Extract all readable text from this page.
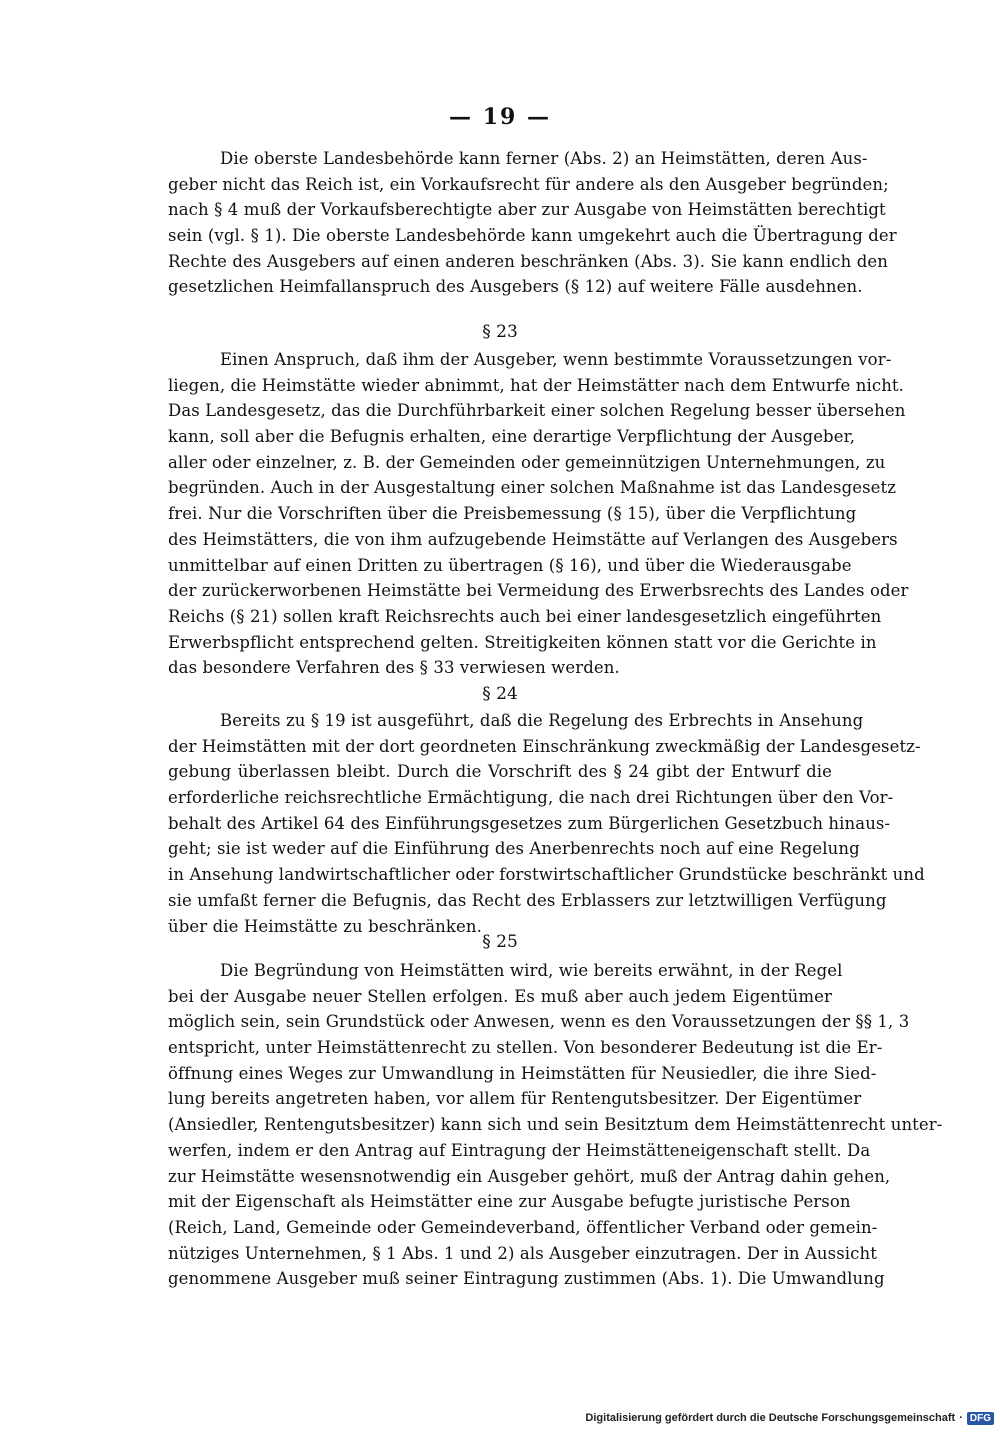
— 19 —
Die oberste Landesbehörde kann ferner (Abs. 2) an Heimstätten, deren Aus-
geber nicht das Reich ist, ein Vorkaufsrecht für andere als den Ausgeber begründen;
nach § 4 muß der Vorkaufsberechtigte aber zur Ausgabe von Heimstätten berechtigt
sein (vgl. § 1). Die oberste Landesbehörde kann umgekehrt auch die Übertragung der
Rechte des Ausgebers auf einen anderen beschränken (Abs. 3). Sie kann endlich den
gesetzlichen Heimfallanspruch des Ausgebers (§ 12) auf weitere Fälle ausdehnen.
§ 23
Einen Anspruch, daß ihm der Ausgeber, wenn bestimmte Voraussetzungen vor-
liegen, die Heimstätte wieder abnimmt, hat der Heimstätter nach dem Entwurfe nicht.
Das Landesgesetz, das die Durchführbarkeit einer solchen Regelung besser übersehen
kann, soll aber die Befugnis erhalten, eine derartige Verpflichtung der Ausgeber,
aller oder einzelner, z. B. der Gemeinden oder gemeinnützigen Unternehmungen, zu
begründen. Auch in der Ausgestaltung einer solchen Maßnahme ist das Landesgesetz
frei. Nur die Vorschriften über die Preisbemessung (§ 15), über die Verpflichtung
des Heimstätters, die von ihm aufzugebende Heimstätte auf Verlangen des Ausgebers
unmittelbar auf einen Dritten zu übertragen (§ 16), und über die Wiederausgabe
der zurückerworbenen Heimstätte bei Vermeidung des Erwerbsrechts des Landes oder
Reichs (§ 21) sollen kraft Reichsrechts auch bei einer landesgesetzlich eingeführten
Erwerbspflicht entsprechend gelten. Streitigkeiten können statt vor die Gerichte in
das besondere Verfahren des § 33 verwiesen werden.
§ 24
Bereits zu § 19 ist ausgeführt, daß die Regelung des Erbrechts in Ansehung
der Heimstätten mit der dort geordneten Einschränkung zweckmäßig der Landesgesetz-
gebung überlassen bleibt. Durch die Vorschrift des § 24 gibt der Entwurf die
erforderliche reichsrechtliche Ermächtigung, die nach drei Richtungen über den Vor-
behalt des Artikel 64 des Einführungsgesetzes zum Bürgerlichen Gesetzbuch hinaus-
geht; sie ist weder auf die Einführung des Anerbenrechts noch auf eine Regelung
in Ansehung landwirtschaftlicher oder forstwirtschaftlicher Grundstücke beschränkt und
sie umfaßt ferner die Befugnis, das Recht des Erblassers zur letztwilligen Verfügung
über die Heimstätte zu beschränken.
§ 25
Die Begründung von Heimstätten wird, wie bereits erwähnt, in der Regel
bei der Ausgabe neuer Stellen erfolgen. Es muß aber auch jedem Eigentümer
möglich sein, sein Grundstück oder Anwesen, wenn es den Voraussetzungen der §§ 1, 3
entspricht, unter Heimstättenrecht zu stellen. Von besonderer Bedeutung ist die Er-
öffnung eines Weges zur Umwandlung in Heimstätten für Neusiedler, die ihre Sied-
lung bereits angetreten haben, vor allem für Rentengutsbesitzer. Der Eigentümer
(Ansiedler, Rentengutsbesitzer) kann sich und sein Besitztum dem Heimstättenrecht unter-
werfen, indem er den Antrag auf Eintragung der Heimstätteneigenschaft stellt. Da
zur Heimstätte wesensnotwendig ein Ausgeber gehört, muß der Antrag dahin gehen,
mit der Eigenschaft als Heimstätter eine zur Ausgabe befugte juristische Person
(Reich, Land, Gemeinde oder Gemeindeverband, öffentlicher Verband oder gemein-
nütziges Unternehmen, § 1 Abs. 1 und 2) als Ausgeber einzutragen. Der in Aussicht
genommene Ausgeber muß seiner Eintragung zustimmen (Abs. 1). Die Umwandlung
Digitalisierung gefördert durch die Deutsche Forschungsgemeinschaft · DFG
